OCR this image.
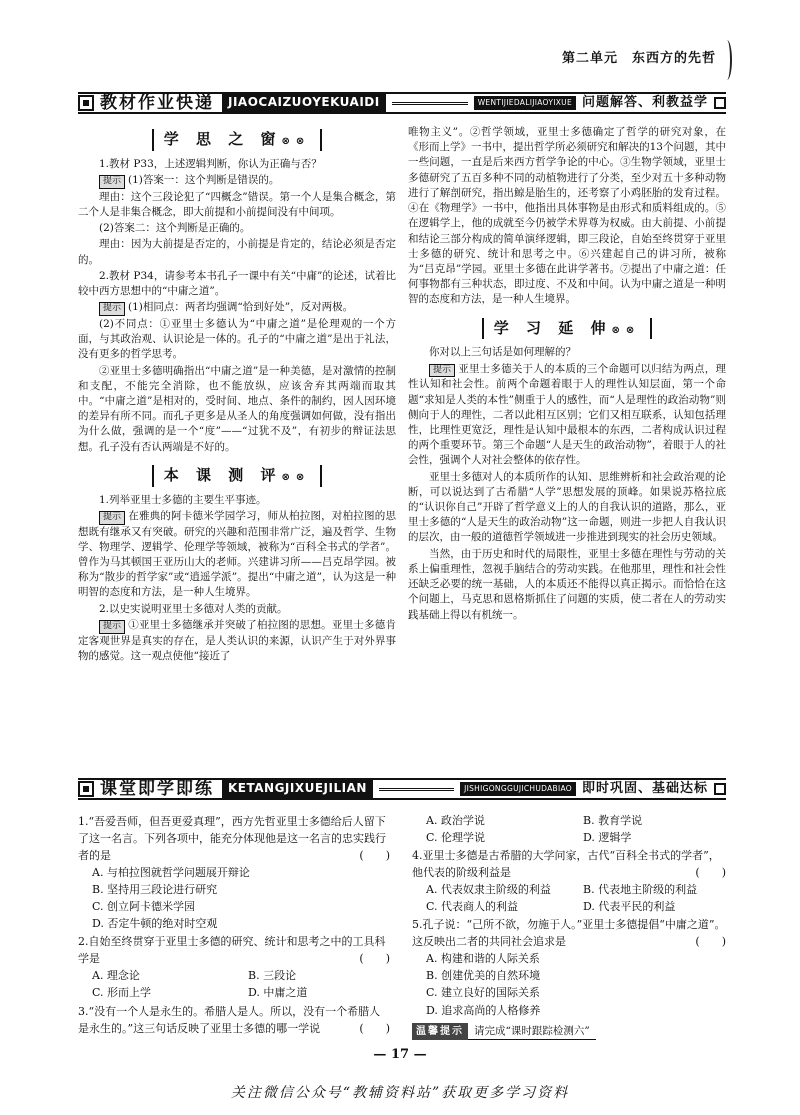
第二单元　东西方的先哲
教材作业快递	JIAOCAIZUOYEKUAIDI	WENTIJIEDALIJIAOYIXUE 问题解答、利教益学
学 思 之 窗⊗⊗

1.教材 P33，上述逻辑判断，你认为正确与否？

提示 (1)答案一：这个判断是错误的。

理由：这个三段论犯了“四概念”错误。第一个人是集合概念，第二个人是非集合概念，即大前提和小前提间没有中间项。

(2)答案二：这个判断是正确的。

理由：因为大前提是否定的，小前提是肯定的，结论必须是否定的。

2.教材 P34，请参考本书孔子一课中有关“中庸”的论述，试着比较中西方思想中的“中庸之道”。

提示 (1)相同点：两者均强调“恰到好处”，反对两极。

(2)不同点：①亚里士多德认为“中庸之道”是伦理观的一个方面，与其政治观、认识论是一体的。孔子的“中庸之道”是出于礼法，没有更多的哲学思考。

②亚里士多德明确指出“中庸之道”是一种美德，是对激情的控制和支配，不能完全消除，也不能放纵，应该舍弃其两端而取其中。“中庸之道”是相对的，受时间、地点、条件的制约，因人因环境的差异有所不同。而孔子更多是从圣人的角度强调如何做，没有指出为什么做，强调的是一个“度”——“过犹不及”，有初步的辩证法思想。孔子没有否认两端是不好的。

本 课 测 评⊗⊗

1.列举亚里士多德的主要生平事迹。

提示 在雅典的阿卡德米学园学习，师从柏拉图，对柏拉图的思想既有继承又有突破。研究的兴趣和范围非常广泛，遍及哲学、生物学、物理学、逻辑学、伦理学等领域，被称为“百科全书式的学者”。曾作为马其顿国王亚历山大的老师。兴建讲习所——吕克昂学园。被称为“散步的哲学家”或“逍遥学派”。提出“中庸之道”，认为这是一种明智的态度和方法，是一种人生境界。

2.以史实说明亚里士多德对人类的贡献。

提示 ①亚里士多德继承并突破了柏拉图的思想。亚里士多德肯定客观世界是真实的存在，是人类认识的来源，认识产生于对外界事物的感觉。这一观点使他“接近了

唯物主义”。②哲学领域，亚里士多德确定了哲学的研究对象，在《形而上学》一书中，提出哲学所必须研究和解决的13个问题，其中一些问题，一直是后来西方哲学争论的中心。③生物学领域，亚里士多德研究了五百多种不同的动植物进行了分类，至少对五十多种动物进行了解剖研究，指出鲸是胎生的，还考察了小鸡胚胎的发育过程。④在《物理学》一书中，他指出具体事物是由形式和质料组成的。⑤在逻辑学上，他的成就至今仍被学术界尊为权威。由大前提、小前提和结论三部分构成的简单演绎逻辑，即三段论，自始至终贯穿于亚里士多德的研究、统计和思考之中。⑥兴建起自己的讲习所，被称为“吕克昂”学园。亚里士多德在此讲学著书。⑦提出了中庸之道：任何事物都有三种状态，即过度、不及和中间。认为中庸之道是一种明智的态度和方法，是一种人生境界。

学 习 延 伸⊗⊗

你对以上三句话是如何理解的？

提示 亚里士多德关于人的本质的三个命题可以归结为两点，理性认知和社会性。前两个命题着眼于人的理性认知层面，第一个命题“求知是人类的本性”侧重于人的感性，而“人是理性的政治动物”则侧向于人的理性，二者以此相互区别；它们又相互联系，认知包括理性，比理性更宽泛，理性是认知中最根本的东西，二者构成认识过程的两个重要环节。第三个命题“人是天生的政治动物”，着眼于人的社会性，强调个人对社会整体的依存性。

亚里士多德对人的本质所作的认知、思维辨析和社会政治观的论断，可以说达到了古希腊“人学”思想发展的顶峰。如果说苏格拉底的“认识你自己”开辟了哲学意义上的人的自我认识的道路，那么，亚里士多德的“人是天生的政治动物”这一命题，则进一步把人自我认识的层次，由一般的道德哲学领域进一步推进到现实的社会历史领域。

当然，由于历史和时代的局限性，亚里士多德在理性与劳动的关系上偏重理性，忽视手脑结合的劳动实践。在他那里，理性和社会性还缺乏必要的统一基础，人的本质还不能得以真正揭示。而恰恰在这个问题上，马克思和恩格斯抓住了问题的实质，使二者在人的劳动实践基础上得以有机统一。

课堂即学即练	KETANGJIXUEJILIAN	JISHIGONGGUJICHUDABIAO 即时巩固、基础达标
1.“吾爱吾师，但吾更爱真理”，西方先哲亚里士多德给后人留下了这一名言。下列各项中，能充分体现他是这一名言的忠实践行者的是	(　　)
A. 与柏拉图就哲学问题展开辩论
B. 坚持用三段论进行研究
C. 创立阿卡德米学园
D. 否定牛顿的绝对时空观
2.自始至终贯穿于亚里士多德的研究、统计和思考之中的工具科学是	(　　)
A. 理念论	B. 三段论
C. 形而上学	D. 中庸之道
3.“没有一个人是永生的。希腊人是人。所以，没有一个希腊人是永生的。”这三句话反映了亚里士多德的哪一学说	(　　)
A. 政治学说	B. 教育学说
C. 伦理学说	D. 逻辑学
4.亚里士多德是古希腊的大学问家，古代“百科全书式的学者”，他代表的阶级利益是	(　　)
A. 代表奴隶主阶级的利益	B. 代表地主阶级的利益
C. 代表商人的利益	D. 代表平民的利益
5.孔子说：“己所不欲，勿施于人。”亚里士多德提倡“中庸之道”。这反映出二者的共同社会追求是	(　　)
A. 构建和谐的人际关系
B. 创建优美的自然环境
C. 建立良好的国际关系
D. 追求高尚的人格修养
温馨提示 请完成“课时跟踪检测六”
— 17 —
关注微信公众号“教辅资料站”获取更多学习资料
